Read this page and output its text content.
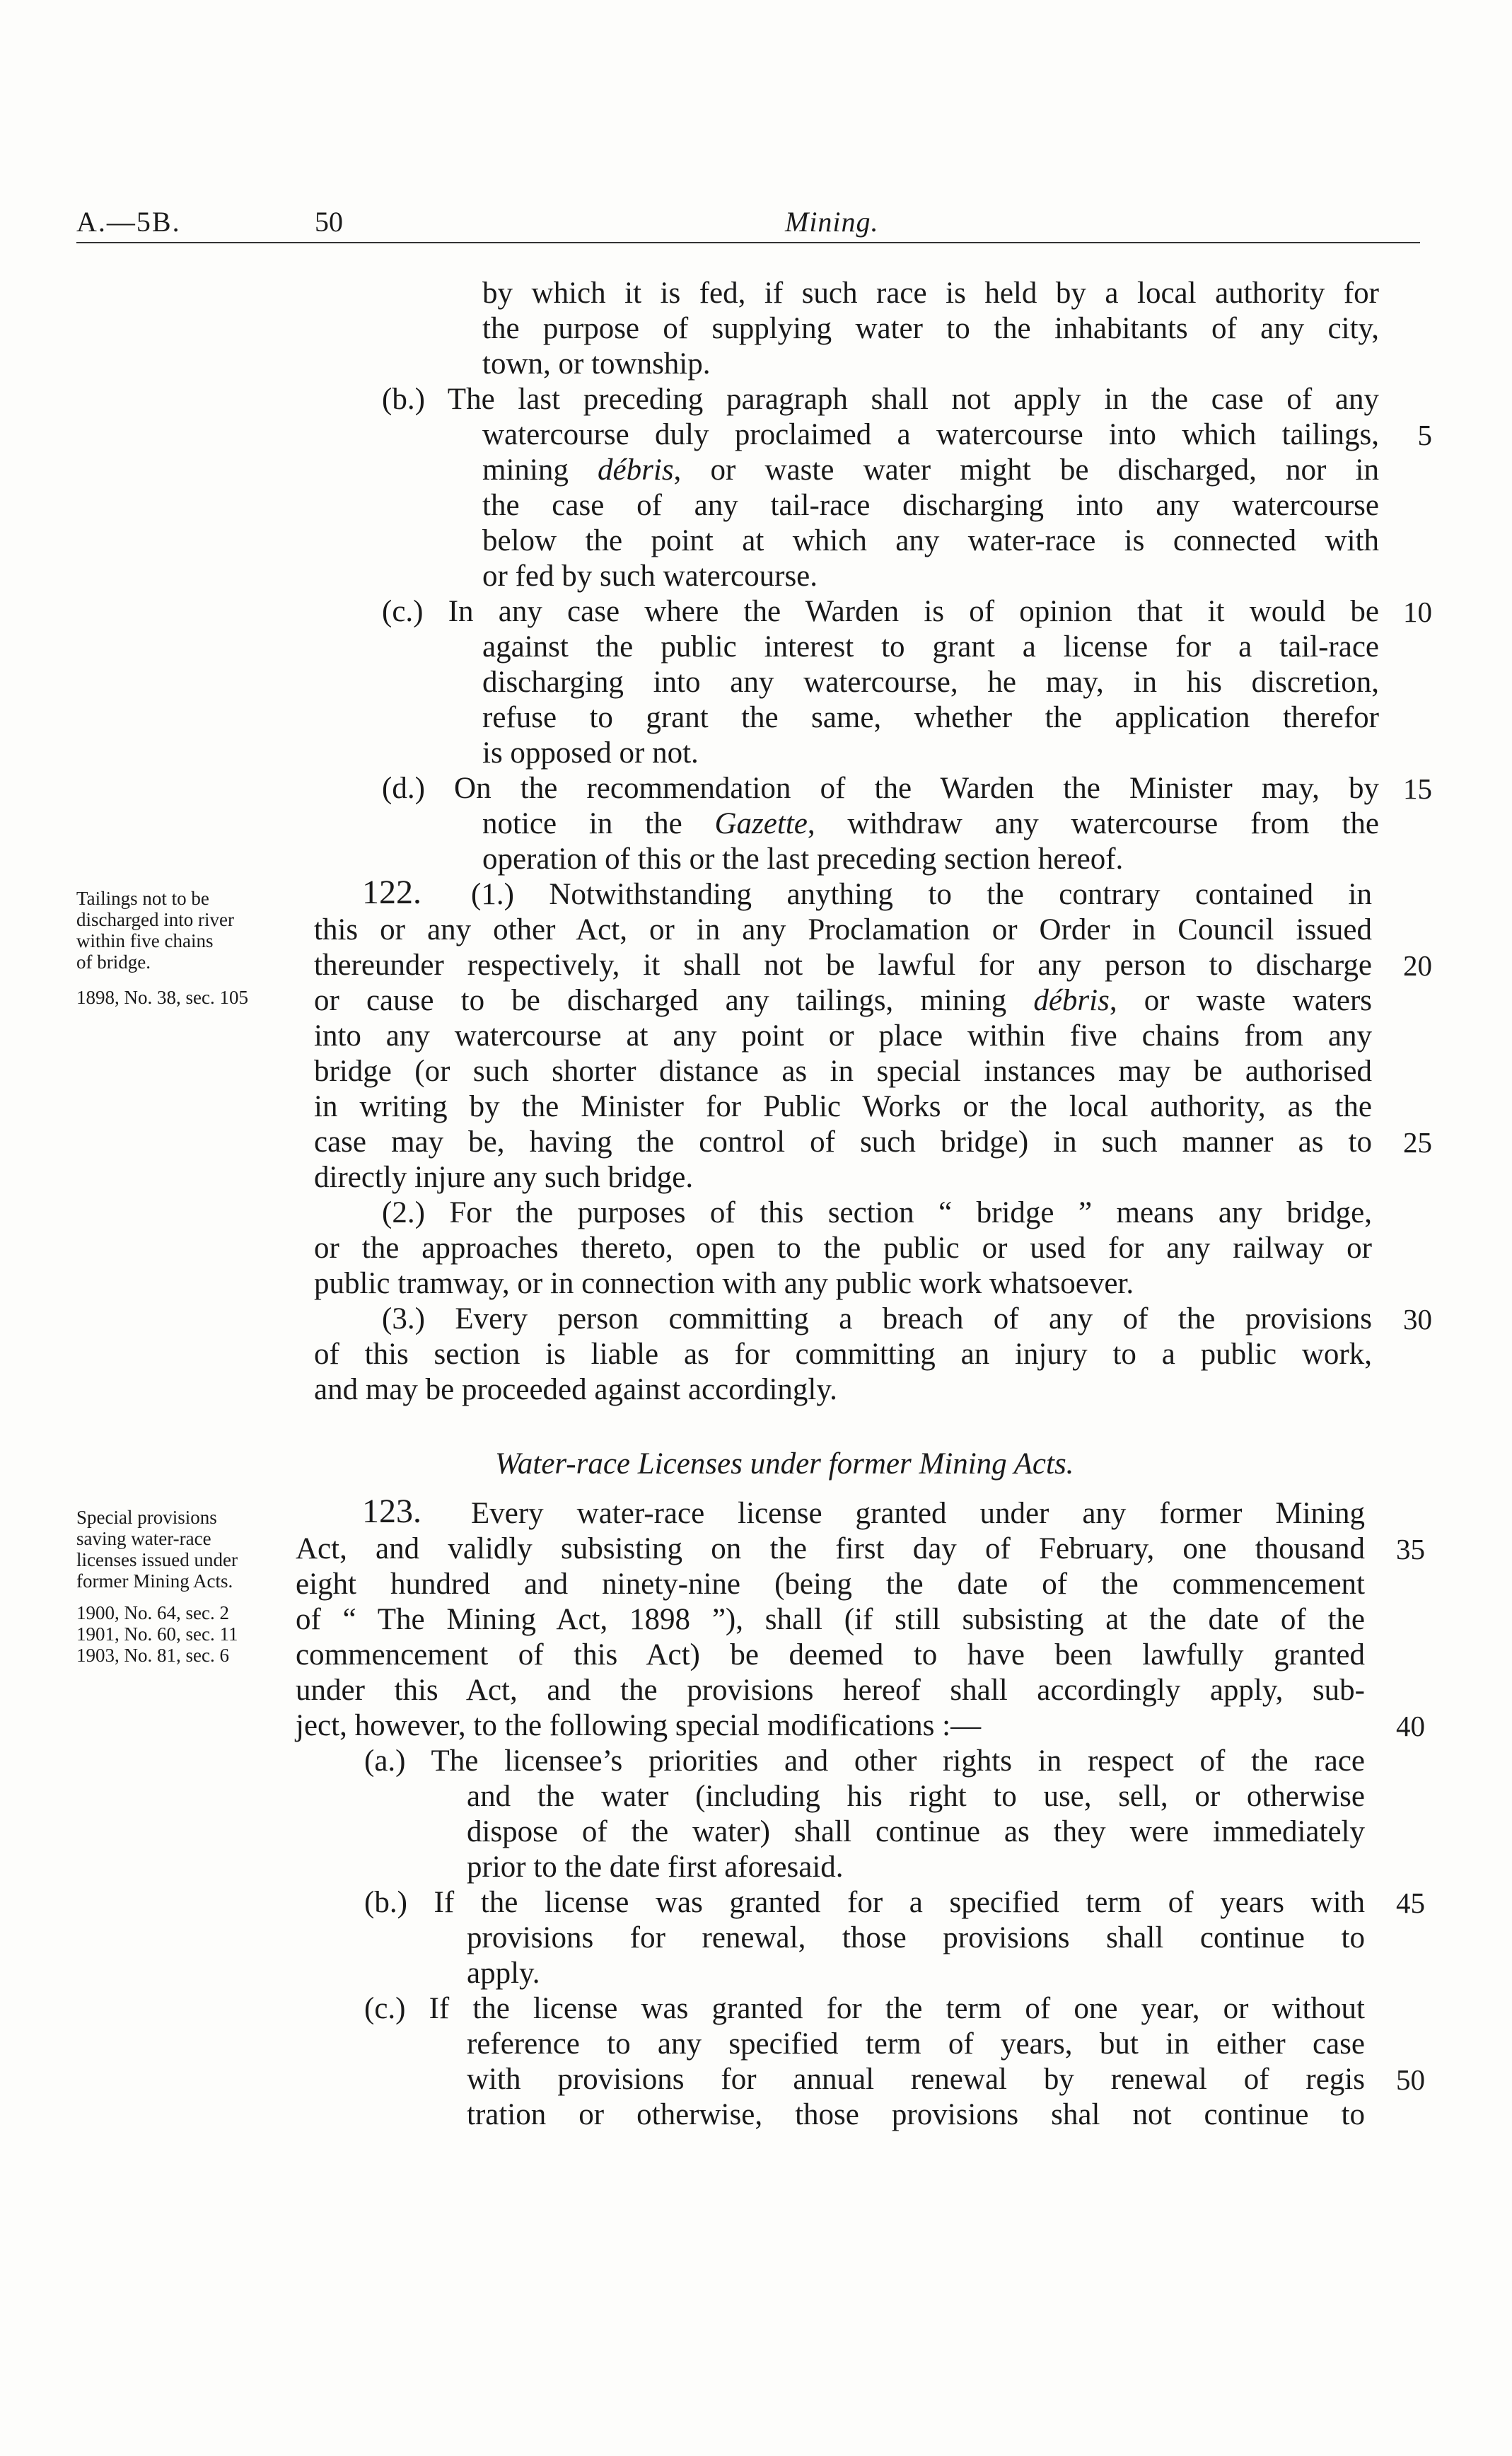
A.—5B.	50	Mining.
by which it is fed, if such race is held by a local authority for
the purpose of supplying water to the inhabitants of any city,
town, or township.
(b.) The last preceding paragraph shall not apply in the case of any
watercourse duly proclaimed a watercourse into which tailings,
mining débris, or waste water might be discharged, nor in
the case of any tail-race discharging into any watercourse
below the point at which any water-race is connected with
or fed by such watercourse.
(c.) In any case where the Warden is of opinion that it would be
against the public interest to grant a license for a tail-race
discharging into any watercourse, he may, in his discretion,
refuse to grant the same, whether the application therefor
is opposed or not.
(d.) On the recommendation of the Warden the Minister may, by
notice in the Gazette, withdraw any watercourse from the
operation of this or the last preceding section hereof.
Tailings not to be
discharged into river
within five chains
of bridge.
1898, No. 38, sec. 105
122. (1.) Notwithstanding anything to the contrary contained in
this or any other Act, or in any Proclamation or Order in Council issued
thereunder respectively, it shall not be lawful for any person to discharge
or cause to be discharged any tailings, mining débris, or waste waters
into any watercourse at any point or place within five chains from any
bridge (or such shorter distance as in special instances may be authorised
in writing by the Minister for Public Works or the local authority, as the
case may be, having the control of such bridge) in such manner as to
directly injure any such bridge.
(2.) For the purposes of this section “ bridge ” means any bridge,
or the approaches thereto, open to the public or used for any railway or
public tramway, or in connection with any public work whatsoever.
(3.) Every person committing a breach of any of the provisions
of this section is liable as for committing an injury to a public work,
and may be proceeded against accordingly.
Water-race Licenses under former Mining Acts.
Special provisions
saving water-race
licenses issued under
former Mining Acts.
1900, No. 64, sec. 2
1901, No. 60, sec. 11
1903, No. 81, sec. 6
123. Every water-race license granted under any former Mining
Act, and validly subsisting on the first day of February, one thousand
eight hundred and ninety-nine (being the date of the commencement
of “ The Mining Act, 1898 ”), shall (if still subsisting at the date of the
commencement of this Act) be deemed to have been lawfully granted
under this Act, and the provisions hereof shall accordingly apply, sub-
ject, however, to the following special modifications :—
(a.) The licensee’s priorities and other rights in respect of the race
and the water (including his right to use, sell, or otherwise
dispose of the water) shall continue as they were immediately
prior to the date first aforesaid.
(b.) If the license was granted for a specified term of years with
provisions for renewal, those provisions shall continue to
apply.
(c.) If the license was granted for the term of one year, or without
reference to any specified term of years, but in either case
with provisions for annual renewal by renewal of regis
tration or otherwise, those provisions shal not continue to
5
10
15
20
25
30
35
40
45
50
